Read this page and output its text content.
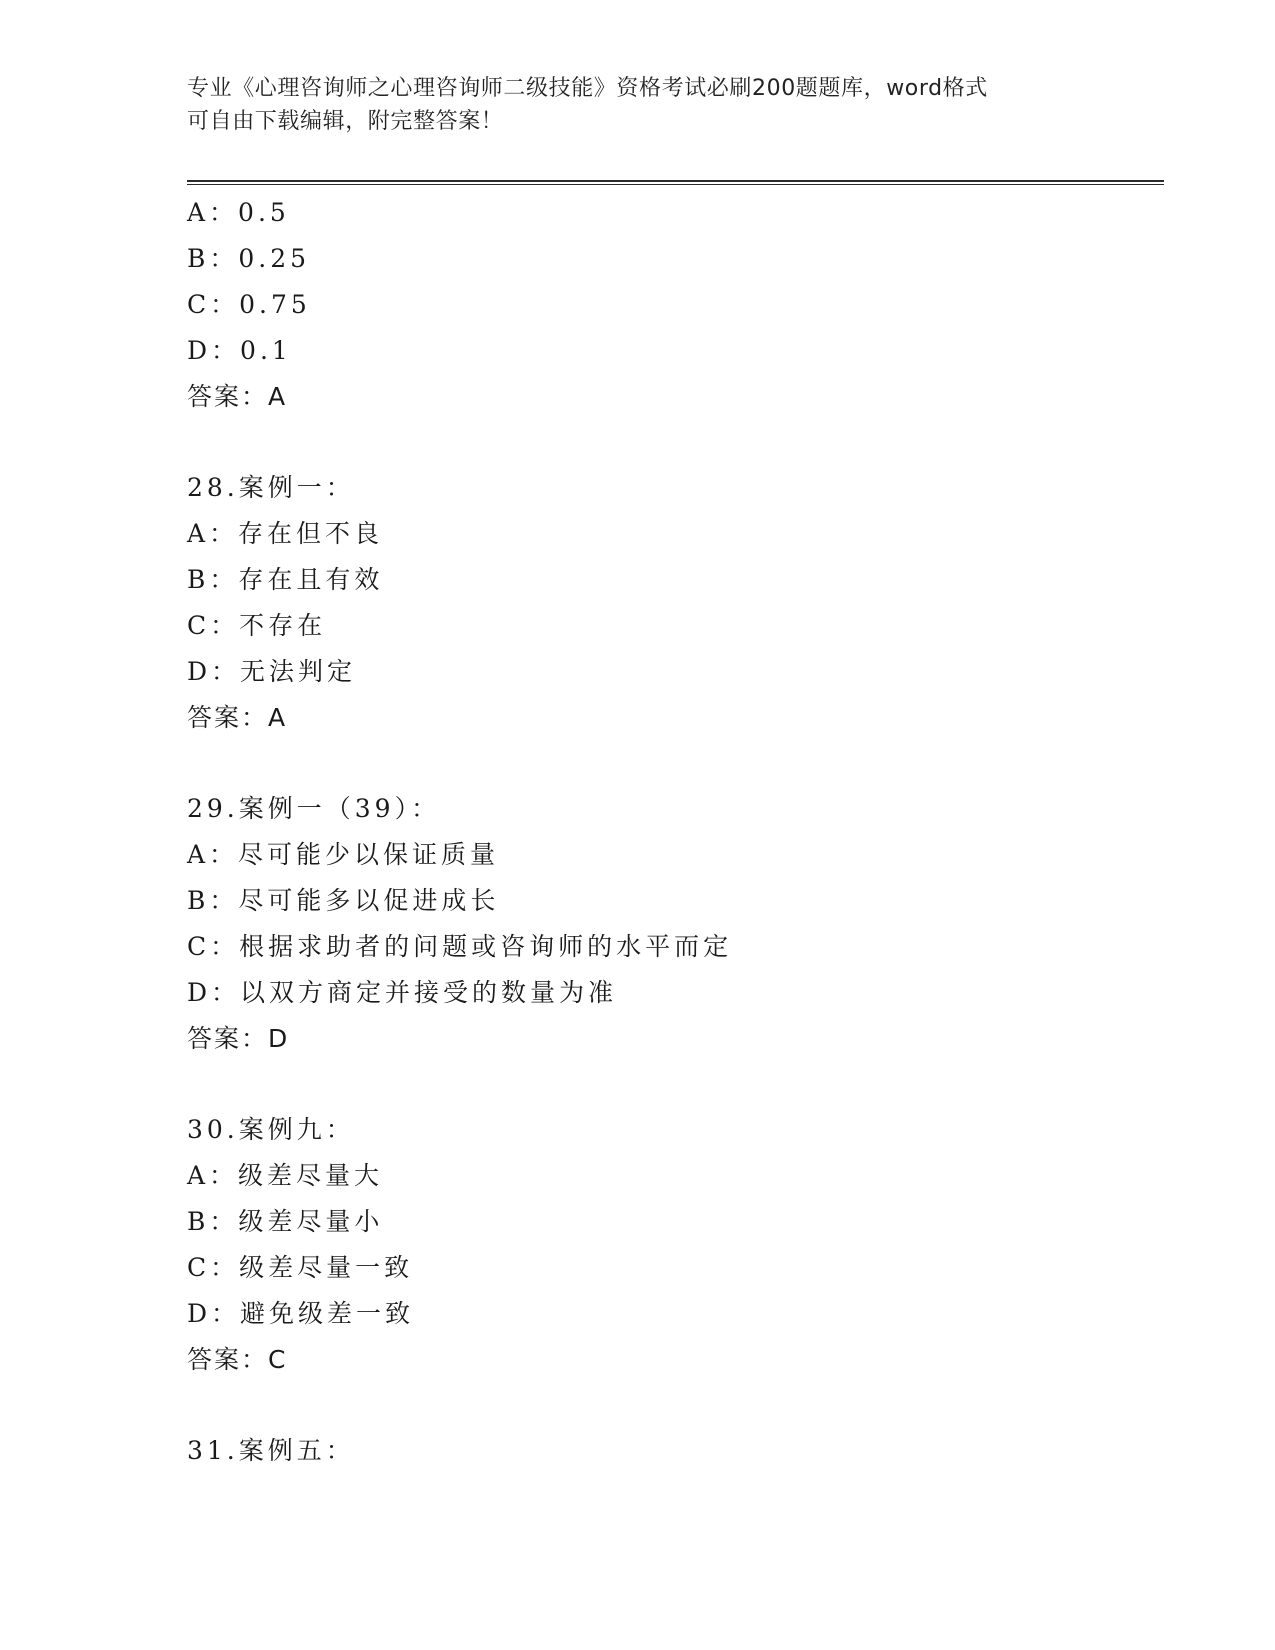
专业《心理咨询师之心理咨询师二级技能》资格考试必刷200题题库，word格式
可自由下载编辑，附完整答案！
A：0.5
B：0.25
C：0.75
D：0.1
答案：A
28.案例一：
A：存在但不良
B：存在且有效
C：不存在
D：无法判定
答案：A
29.案例一（39）：
A：尽可能少以保证质量
B：尽可能多以促进成长
C：根据求助者的问题或咨询师的水平而定
D：以双方商定并接受的数量为准
答案：D
30.案例九：
A：级差尽量大
B：级差尽量小
C：级差尽量一致
D：避免级差一致
答案：C
31.案例五：
